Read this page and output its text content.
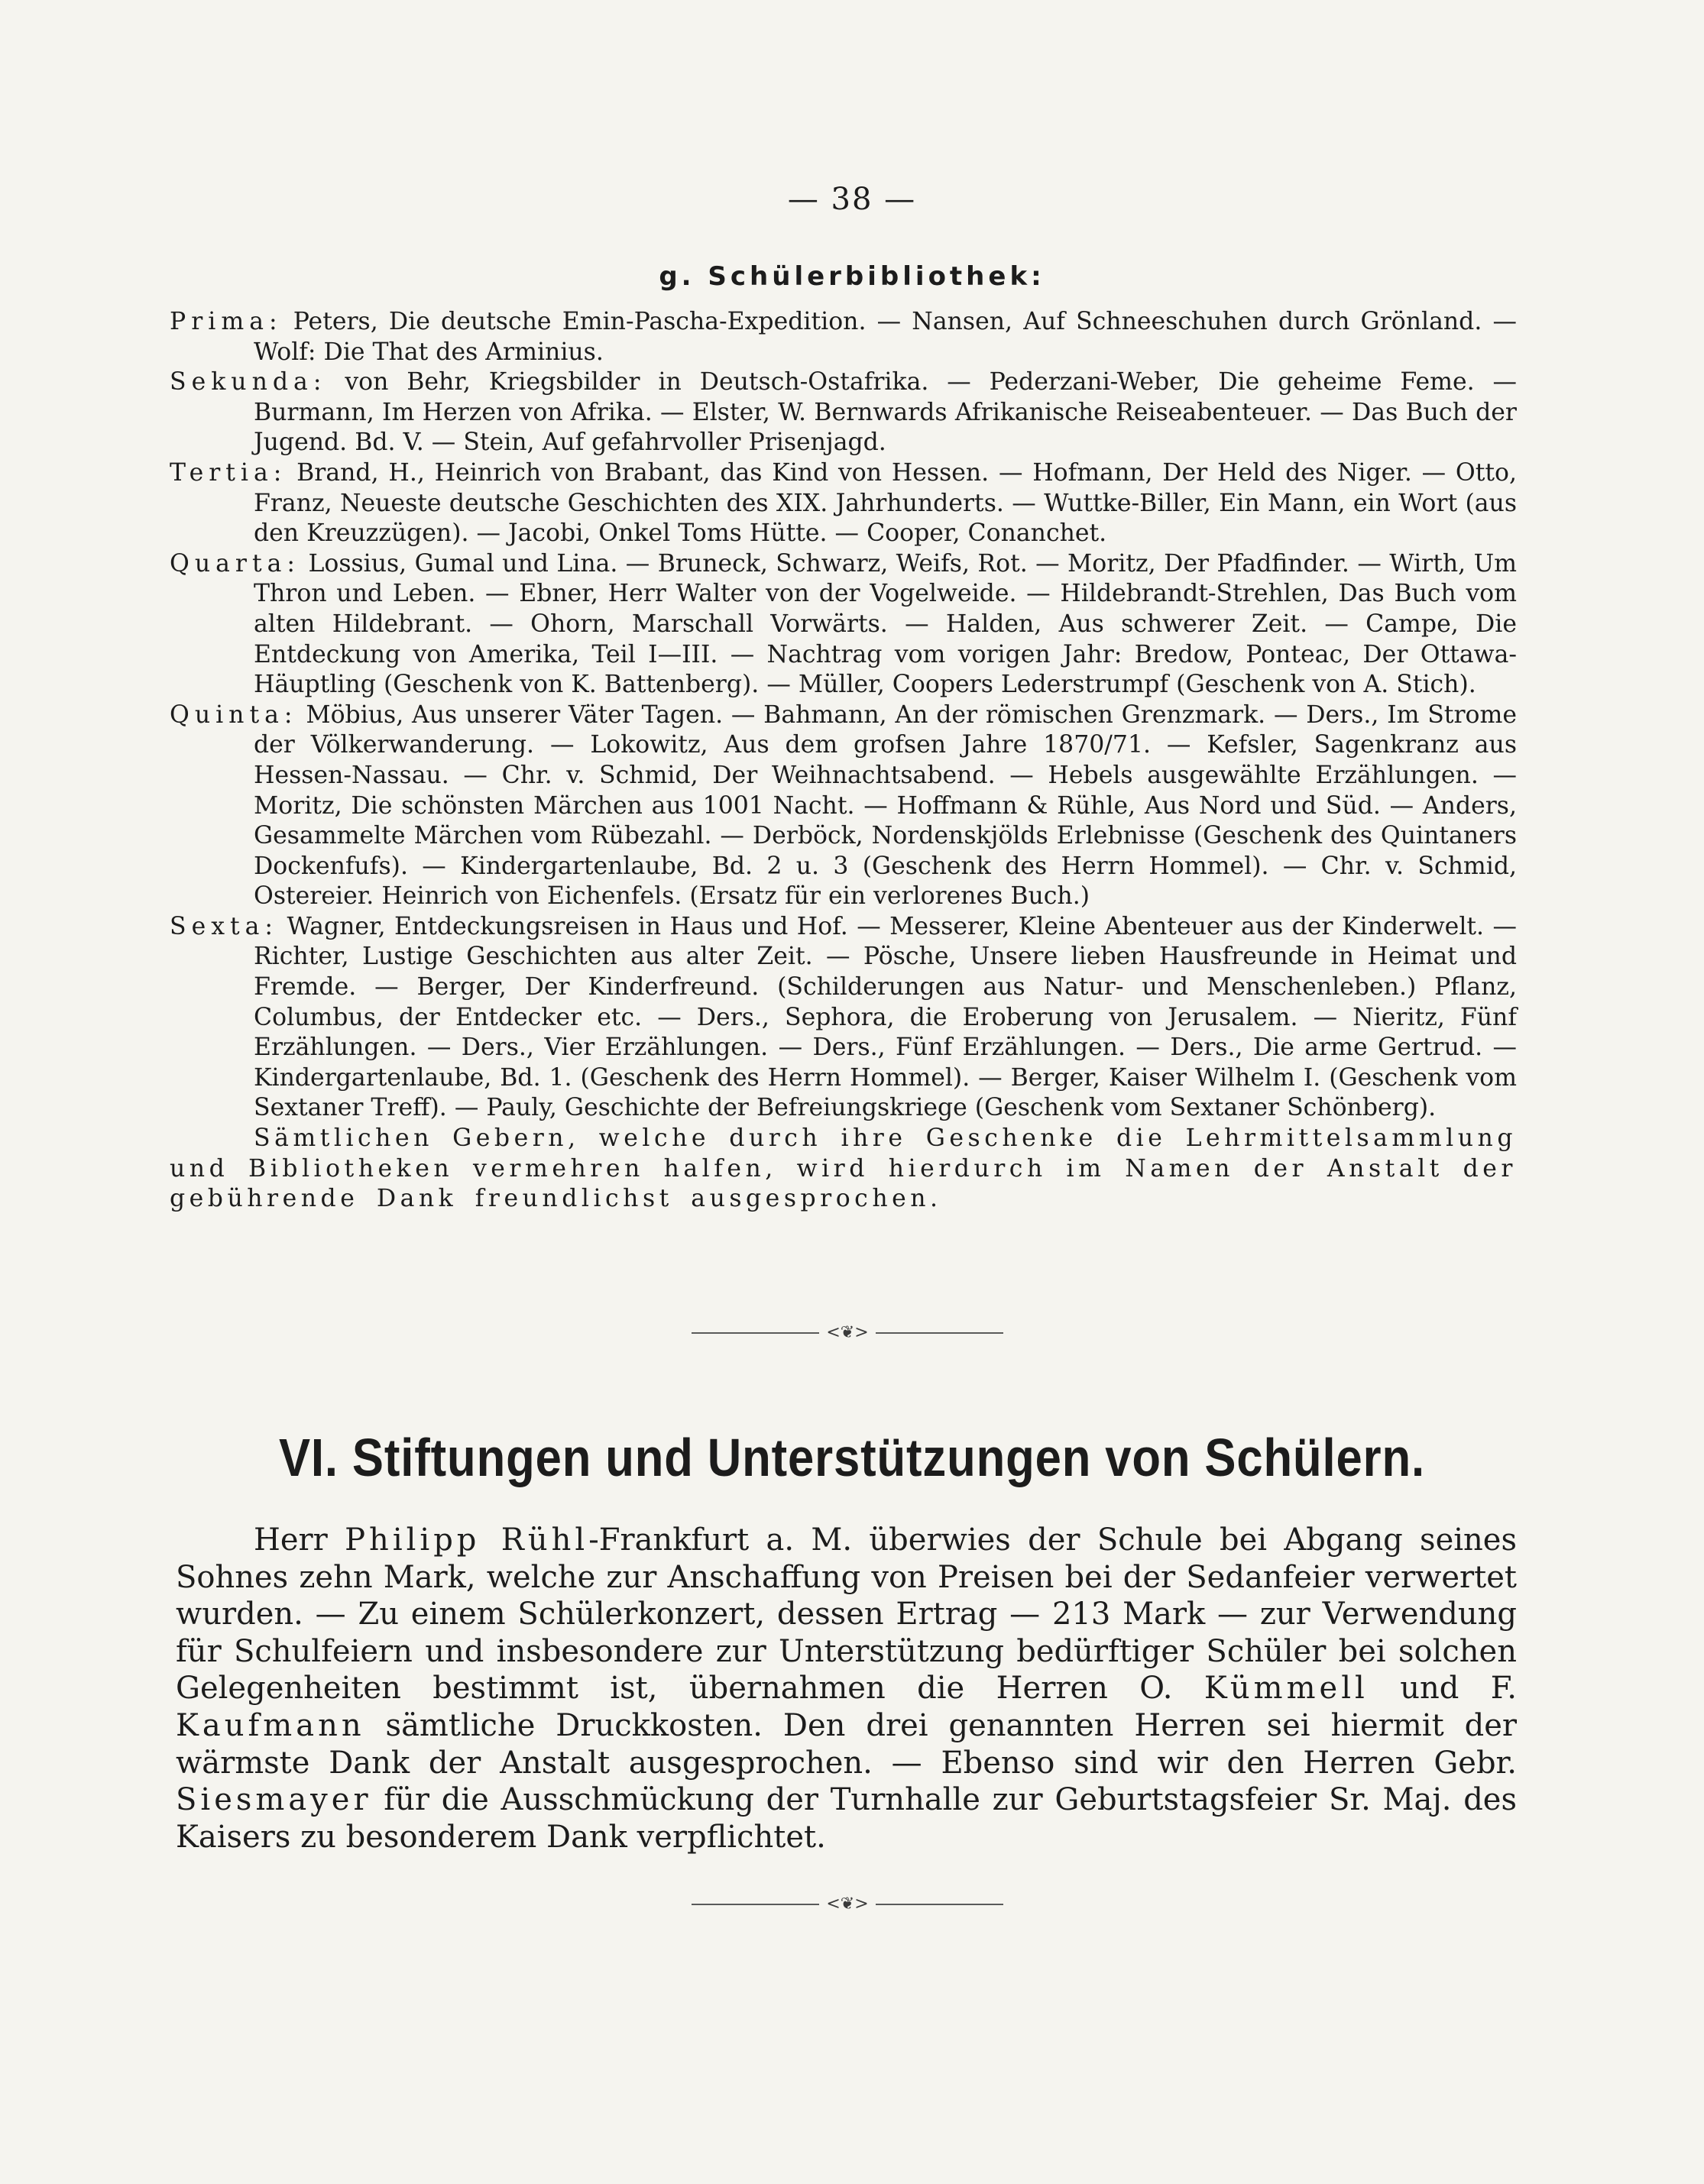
— 38 —
g. Schülerbibliothek:

Prima: Peters, Die deutsche Emin-Pascha-Expedition. — Nansen, Auf Schneeschuhen durch Grönland. — Wolf: Die That des Arminius.

Sekunda: von Behr, Kriegsbilder in Deutsch-Ostafrika. — Pederzani-Weber, Die geheime Feme. — Burmann, Im Herzen von Afrika. — Elster, W. Bernwards Afrikanische Reiseabenteuer. — Das Buch der Jugend. Bd. V. — Stein, Auf gefahrvoller Prisenjagd.

Tertia: Brand, H., Heinrich von Brabant, das Kind von Hessen. — Hofmann, Der Held des Niger. — Otto, Franz, Neueste deutsche Geschichten des XIX. Jahrhunderts. — Wuttke-Biller, Ein Mann, ein Wort (aus den Kreuzzügen). — Jacobi, Onkel Toms Hütte. — Cooper, Conanchet.

Quarta: Lossius, Gumal und Lina. — Bruneck, Schwarz, Weifs, Rot. — Moritz, Der Pfadfinder. — Wirth, Um Thron und Leben. — Ebner, Herr Walter von der Vogelweide. — Hildebrandt-Strehlen, Das Buch vom alten Hildebrant. — Ohorn, Marschall Vorwärts. — Halden, Aus schwerer Zeit. — Campe, Die Entdeckung von Amerika, Teil I—III. — Nachtrag vom vorigen Jahr: Bredow, Ponteac, Der Ottawa-Häuptling (Geschenk von K. Battenberg). — Müller, Coopers Lederstrumpf (Geschenk von A. Stich).

Quinta: Möbius, Aus unserer Väter Tagen. — Bahmann, An der römischen Grenzmark. — Ders., Im Strome der Völkerwanderung. — Lokowitz, Aus dem grofsen Jahre 1870/71. — Kefsler, Sagenkranz aus Hessen-Nassau. — Chr. v. Schmid, Der Weihnachtsabend. — Hebels ausgewählte Erzählungen. — Moritz, Die schönsten Märchen aus 1001 Nacht. — Hoffmann & Rühle, Aus Nord und Süd. — Anders, Gesammelte Märchen vom Rübezahl. — Derböck, Nordenskjölds Erlebnisse (Geschenk des Quintaners Dockenfufs). — Kindergartenlaube, Bd. 2 u. 3 (Geschenk des Herrn Hommel). — Chr. v. Schmid, Ostereier. Heinrich von Eichenfels. (Ersatz für ein verlorenes Buch.)

Sexta: Wagner, Entdeckungsreisen in Haus und Hof. — Messerer, Kleine Abenteuer aus der Kinderwelt. — Richter, Lustige Geschichten aus alter Zeit. — Pösche, Unsere lieben Hausfreunde in Heimat und Fremde. — Berger, Der Kinderfreund. (Schilderungen aus Natur- und Menschenleben.) Pflanz, Columbus, der Entdecker etc. — Ders., Sephora, die Eroberung von Jerusalem. — Nieritz, Fünf Erzählungen. — Ders., Vier Erzählungen. — Ders., Fünf Erzählungen. — Ders., Die arme Gertrud. — Kindergartenlaube, Bd. 1. (Geschenk des Herrn Hommel). — Berger, Kaiser Wilhelm I. (Geschenk vom Sextaner Treff). — Pauly, Geschichte der Befreiungskriege (Geschenk vom Sextaner Schönberg).

Sämtlichen Gebern, welche durch ihre Geschenke die Lehrmittelsammlung und Bibliotheken vermehren halfen, wird hierdurch im Namen der Anstalt der gebührende Dank freundlichst ausgesprochen.

<❦>
VI. Stiftungen und Unterstützungen von Schülern.

Herr Philipp Rühl-Frankfurt a. M. überwies der Schule bei Abgang seines Sohnes zehn Mark, welche zur Anschaffung von Preisen bei der Sedanfeier verwertet wurden. — Zu einem Schülerkonzert, dessen Ertrag — 213 Mark — zur Verwendung für Schulfeiern und insbesondere zur Unterstützung bedürftiger Schüler bei solchen Gelegenheiten bestimmt ist, übernahmen die Herren O. Kümmell und F. Kaufmann sämtliche Druckkosten. Den drei genannten Herren sei hiermit der wärmste Dank der Anstalt ausgesprochen. — Ebenso sind wir den Herren Gebr. Siesmayer für die Ausschmückung der Turnhalle zur Geburtstagsfeier Sr. Maj. des Kaisers zu besonderem Dank verpflichtet.

<❦>
